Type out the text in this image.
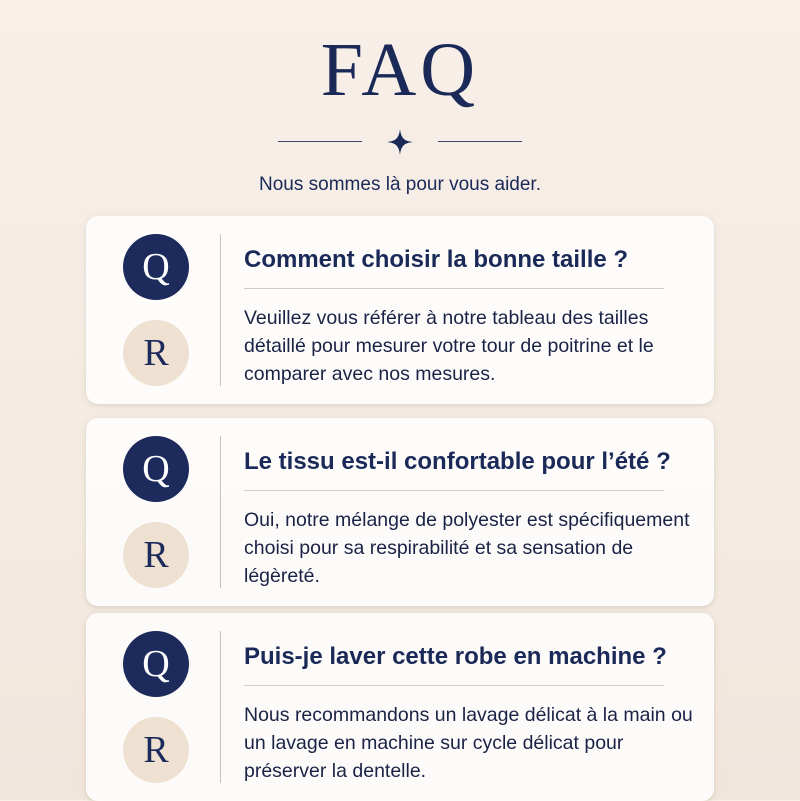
FAQ
Nous sommes là pour vous aider.
Q
R
Comment choisir la bonne taille ?
Veuillez vous référer à notre tableau des tailles détaillé pour mesurer votre tour de poitrine et le comparer avec nos mesures.
Q
R
Le tissu est-il confortable pour l’été ?
Oui, notre mélange de polyester est spécifiquement choisi pour sa respirabilité et sa sensation de légèreté.
Q
R
Puis-je laver cette robe en machine ?
Nous recommandons un lavage délicat à la main ou un lavage en machine sur cycle délicat pour préserver la dentelle.
